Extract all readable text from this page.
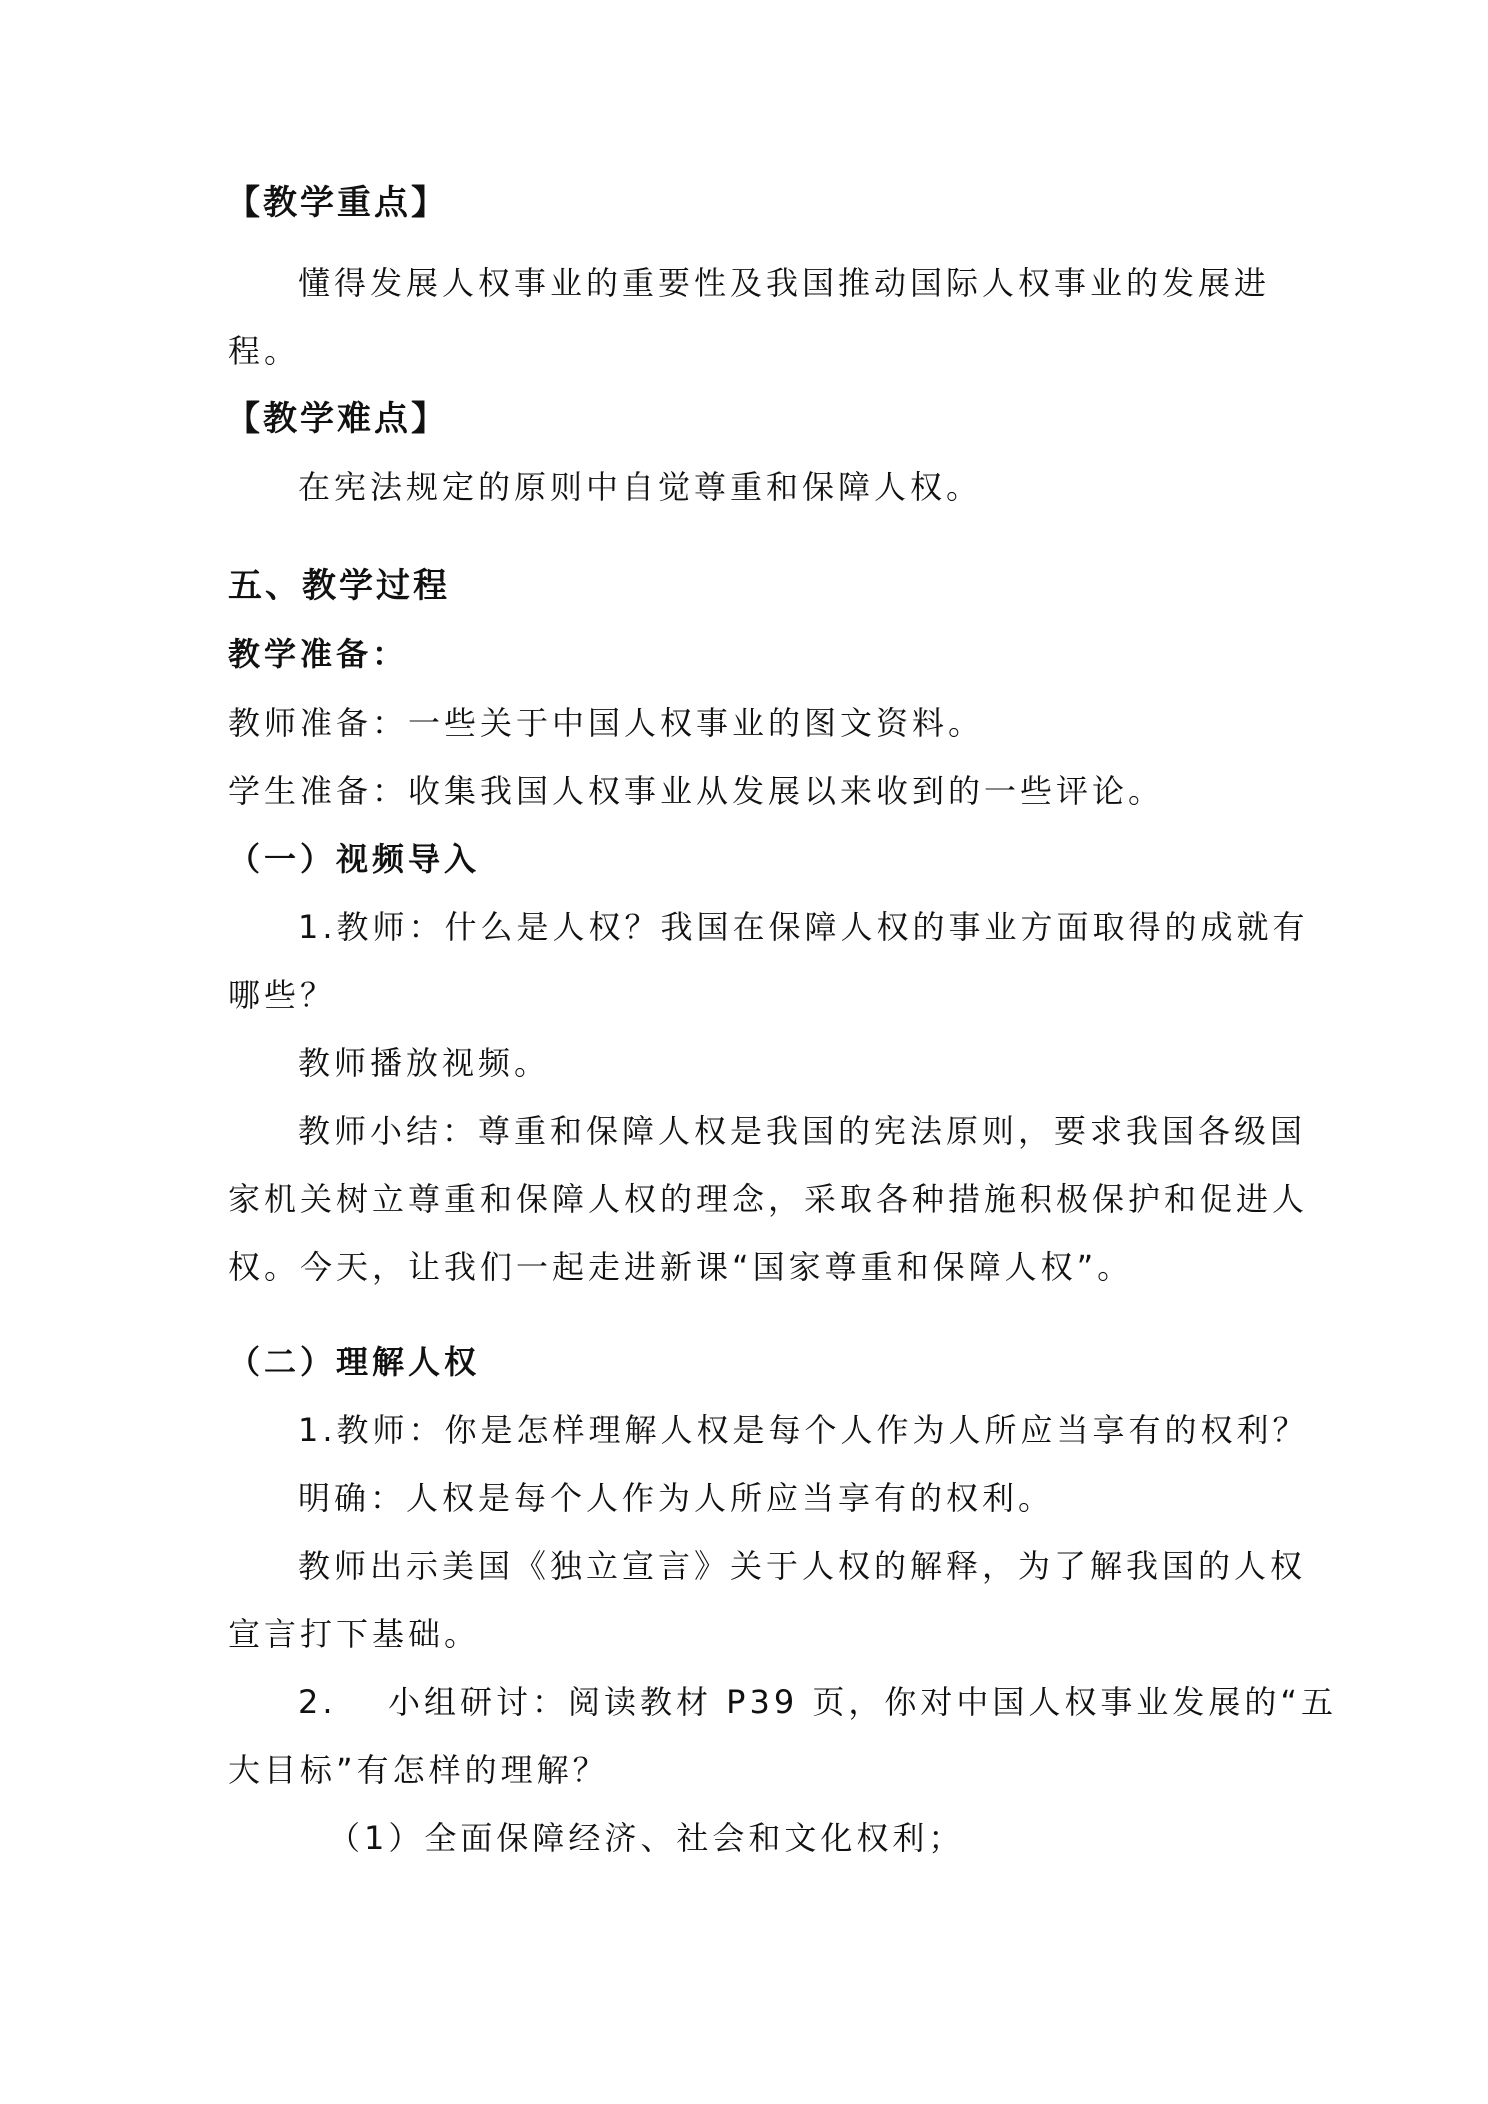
【教学重点】
懂得发展人权事业的重要性及我国推动国际人权事业的发展进
程。
【教学难点】
在宪法规定的原则中自觉尊重和保障人权。
五、教学过程
教学准备：
教师准备：一些关于中国人权事业的图文资料。
学生准备：收集我国人权事业从发展以来收到的一些评论。
（一）视频导入
1.教师：什么是人权？我国在保障人权的事业方面取得的成就有
哪些？
教师播放视频。
教师小结：尊重和保障人权是我国的宪法原则，要求我国各级国
家机关树立尊重和保障人权的理念，采取各种措施积极保护和促进人
权。今天，让我们一起走进新课“国家尊重和保障人权”。
（二）理解人权
1.教师：你是怎样理解人权是每个人作为人所应当享有的权利？
明确：人权是每个人作为人所应当享有的权利。
教师出示美国《独立宣言》关于人权的解释，为了解我国的人权
宣言打下基础。
2. 小组研讨：阅读教材 P39 页，你对中国人权事业发展的“五
大目标”有怎样的理解？
（1）全面保障经济、社会和文化权利；
